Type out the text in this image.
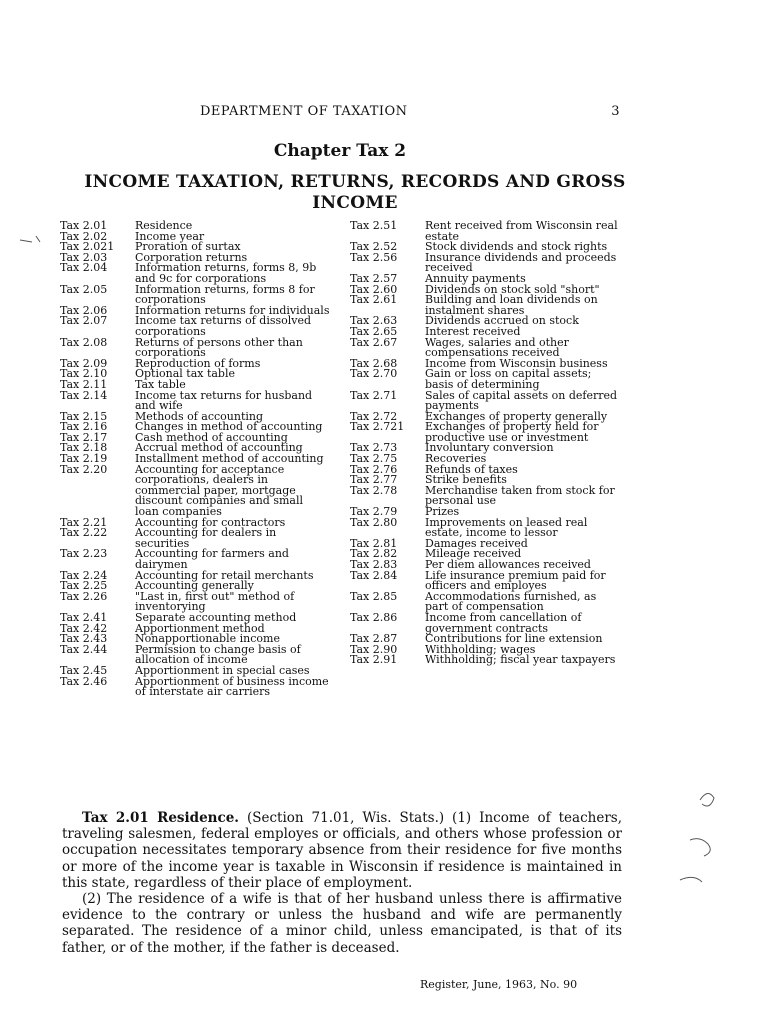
DEPARTMENT OF TAXATION	3
Chapter Tax 2
INCOME TAXATION, RETURNS, RECORDS AND GROSS INCOME
Tax 2.01	Residence
Tax 2.02	Income year
Tax 2.021	Proration of surtax
Tax 2.03	Corporation returns
Tax 2.04	Information returns, forms 8, 9b and 9c for corporations
Tax 2.05	Information returns, forms 8 for corporations
Tax 2.06	Information returns for individuals
Tax 2.07	Income tax returns of dissolved corporations
Tax 2.08	Returns of persons other than corporations
Tax 2.09	Reproduction of forms
Tax 2.10	Optional tax table
Tax 2.11	Tax table
Tax 2.14	Income tax returns for husband and wife
Tax 2.15	Methods of accounting
Tax 2.16	Changes in method of accounting
Tax 2.17	Cash method of accounting
Tax 2.18	Accrual method of accounting
Tax 2.19	Installment method of accounting
Tax 2.20	Accounting for acceptance corporations, dealers in commercial paper, mortgage discount companies and small loan companies
Tax 2.21	Accounting for contractors
Tax 2.22	Accounting for dealers in securities
Tax 2.23	Accounting for farmers and dairymen
Tax 2.24	Accounting for retail merchants
Tax 2.25	Accounting generally
Tax 2.26	"Last in, first out" method of inventorying
Tax 2.41	Separate accounting method
Tax 2.42	Apportionment method
Tax 2.43	Nonapportionable income
Tax 2.44	Permission to change basis of allocation of income
Tax 2.45	Apportionment in special cases
Tax 2.46	Apportionment of business income of interstate air carriers
Tax 2.51	Rent received from Wisconsin real estate
Tax 2.52	Stock dividends and stock rights
Tax 2.56	Insurance dividends and proceeds received
Tax 2.57	Annuity payments
Tax 2.60	Dividends on stock sold "short"
Tax 2.61	Building and loan dividends on instalment shares
Tax 2.63	Dividends accrued on stock
Tax 2.65	Interest received
Tax 2.67	Wages, salaries and other compensations received
Tax 2.68	Income from Wisconsin business
Tax 2.70	Gain or loss on capital assets; basis of determining
Tax 2.71	Sales of capital assets on deferred payments
Tax 2.72	Exchanges of property generally
Tax 2.721	Exchanges of property held for productive use or investment
Tax 2.73	Involuntary conversion
Tax 2.75	Recoveries
Tax 2.76	Refunds of taxes
Tax 2.77	Strike benefits
Tax 2.78	Merchandise taken from stock for personal use
Tax 2.79	Prizes
Tax 2.80	Improvements on leased real estate, income to lessor
Tax 2.81	Damages received
Tax 2.82	Mileage received
Tax 2.83	Per diem allowances received
Tax 2.84	Life insurance premium paid for officers and employes
Tax 2.85	Accommodations furnished, as part of compensation
Tax 2.86	Income from cancellation of government contracts
Tax 2.87	Contributions for line extension
Tax 2.90	Withholding; wages
Tax 2.91	Withholding; fiscal year taxpayers

Tax 2.01 Residence. (Section 71.01, Wis. Stats.) (1) Income of teachers, traveling salesmen, federal employes or officials, and others whose profession or occupation necessitates temporary absence from their residence for five months or more of the income year is taxable in Wisconsin if residence is maintained in this state, regardless of their place of employment.

(2) The residence of a wife is that of her husband unless there is affirmative evidence to the contrary or unless the husband and wife are permanently separated. The residence of a minor child, unless emancipated, is that of its father, or of the mother, if the father is deceased.

Register, June, 1963, No. 90
